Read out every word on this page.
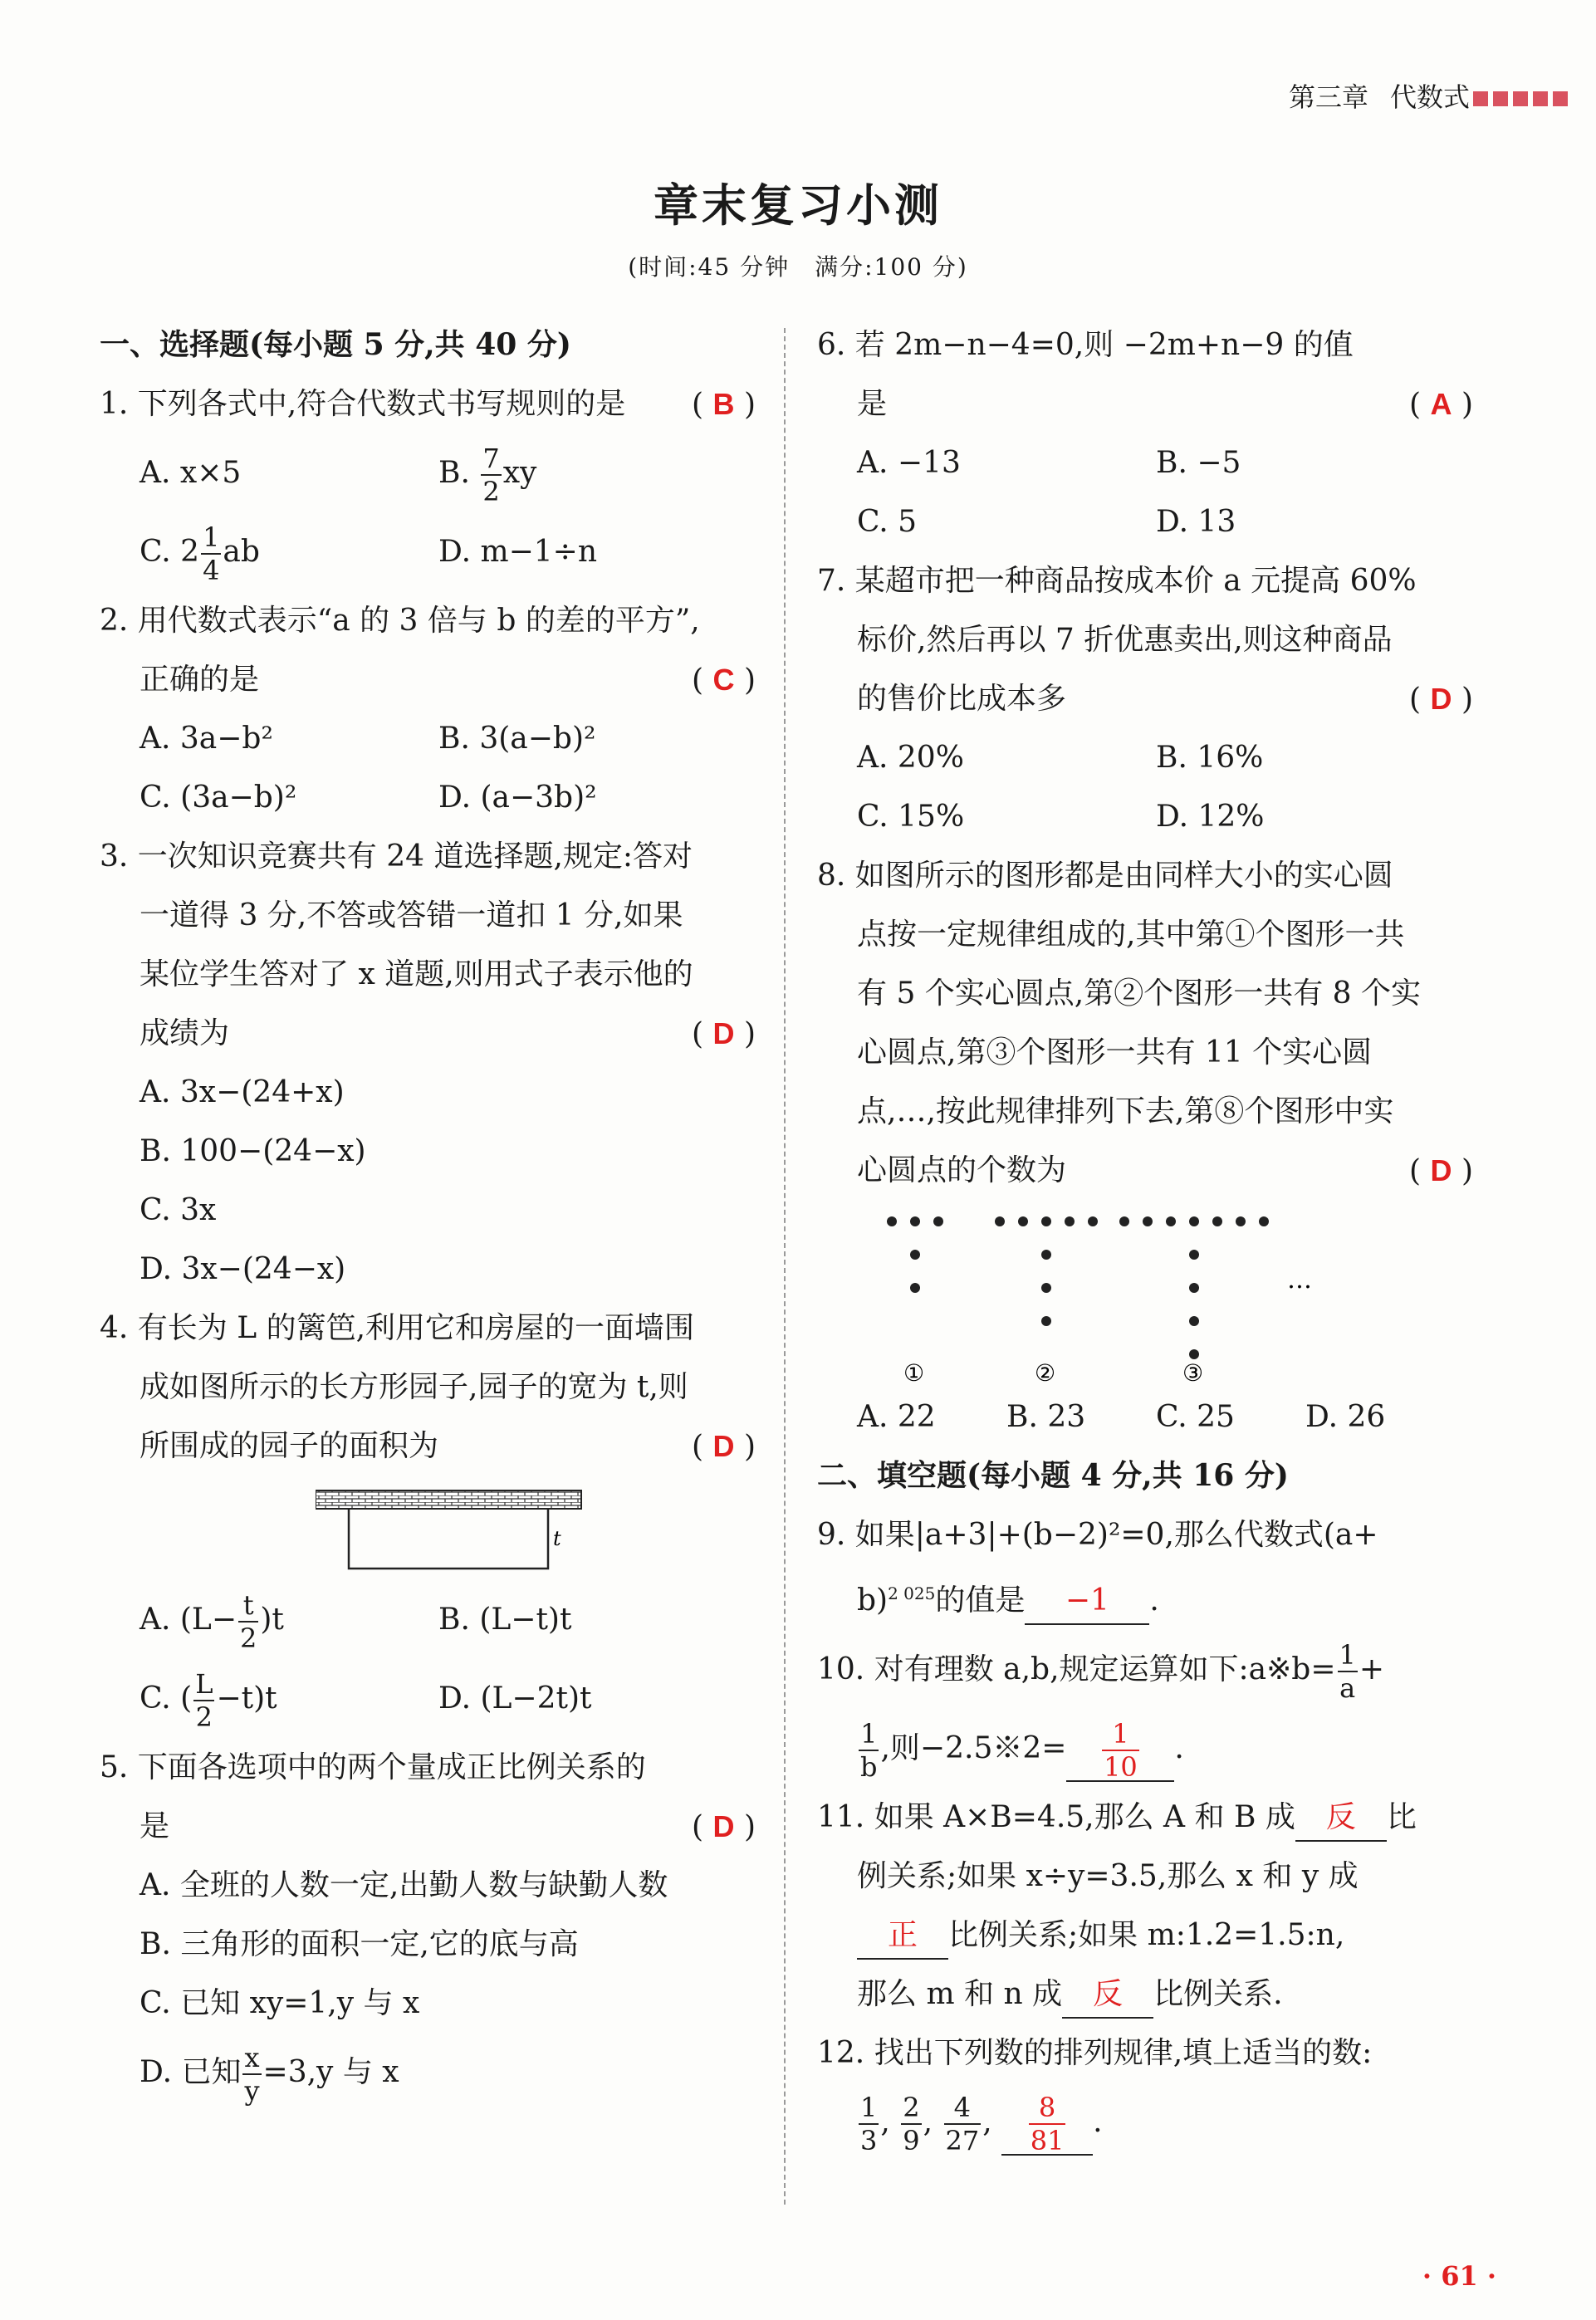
第三章 代数式
章末复习小测
(时间:45 分钟　满分:100 分)
一、选择题(每小题 5 分,共 40 分)
1. 下列各式中,符合代数式书写规则的是 ( B )
A. x×5	B. $\frac{7}{2}$ xy
C. $2 \frac{1}{4}$ ab	D. m−1÷n
2. 用代数式表示“a 的 3 倍与 b 的差的平方”,
正确的是	( C )
A. 3a−b²	B. 3(a−b)²
C. (3a−b)²	D. (a−3b)²
3. 一次知识竞赛共有 24 道选择题,规定:答对
一道得 3 分,不答或答错一道扣 1 分,如果
某位学生答对了 x 道题,则用式子表示他的
成绩为	( D )
A. 3x−(24+x)
B. 100−(24−x)
C. 3x
D. 3x−(24−x)
4. 有长为 L 的篱笆,利用它和房屋的一面墙围
成如图所示的长方形园子,园子的宽为 t,则
所围成的园子的面积为	( D )
t
A. $(L- \frac{t}{2} )t$	B. (L−t)t
C. ( $\frac{L}{2} -t)t$	D. (L−2t)t
5. 下面各选项中的两个量成正比例关系的
是	( D )
A. 全班的人数一定,出勤人数与缺勤人数
B. 三角形的面积一定,它的底与高
C. 已知 xy=1,y 与 x
D. 已知 $\frac{x}{y} =3,y$ 与 x
6. 若 2m−n−4=0,则 −2m+n−9 的值
是	( A )
A. −13	B. −5
C. 5	D. 13
7. 某超市把一种商品按成本价 a 元提高 60%
标价,然后再以 7 折优惠卖出,则这种商品
的售价比成本多	( D )
A. 20%	B. 16%
C. 15%	D. 12%
8. 如图所示的图形都是由同样大小的实心圆
点按一定规律组成的,其中第①个图形一共
有 5 个实心圆点,第②个图形一共有 8 个实
心圆点,第③个图形一共有 11 个实心圆
点,…,按此规律排列下去,第⑧个图形中实
心圆点的个数为	( D )
…
①	②	③
A. 22	B. 23	C. 25	D. 26
二、填空题(每小题 4 分,共 16 分)
9. 如果|a+3|+(b−2)²=0,那么代数式(a+
b)$^{2 025}$的值是 −1 .
10. 对有理数 a,b,规定运算如下:a※b= $\frac{1}{a}$ +
$\frac{1}{b}$ ,则−2.5※2= $\frac{1}{10}$ .
11. 如果 A×B=4.5,那么 A 和 B 成 反 比
例关系;如果 x÷y=3.5,那么 x 和 y 成
正 比例关系;如果 m:1.2=1.5:n,
那么 m 和 n 成 反 比例关系.
12. 找出下列数的排列规律,填上适当的数:
$\frac{1}{3}$ , $\frac{2}{9}$ , $\frac{4}{27}$ , $\frac{8}{81}$ .
· 61 ·
